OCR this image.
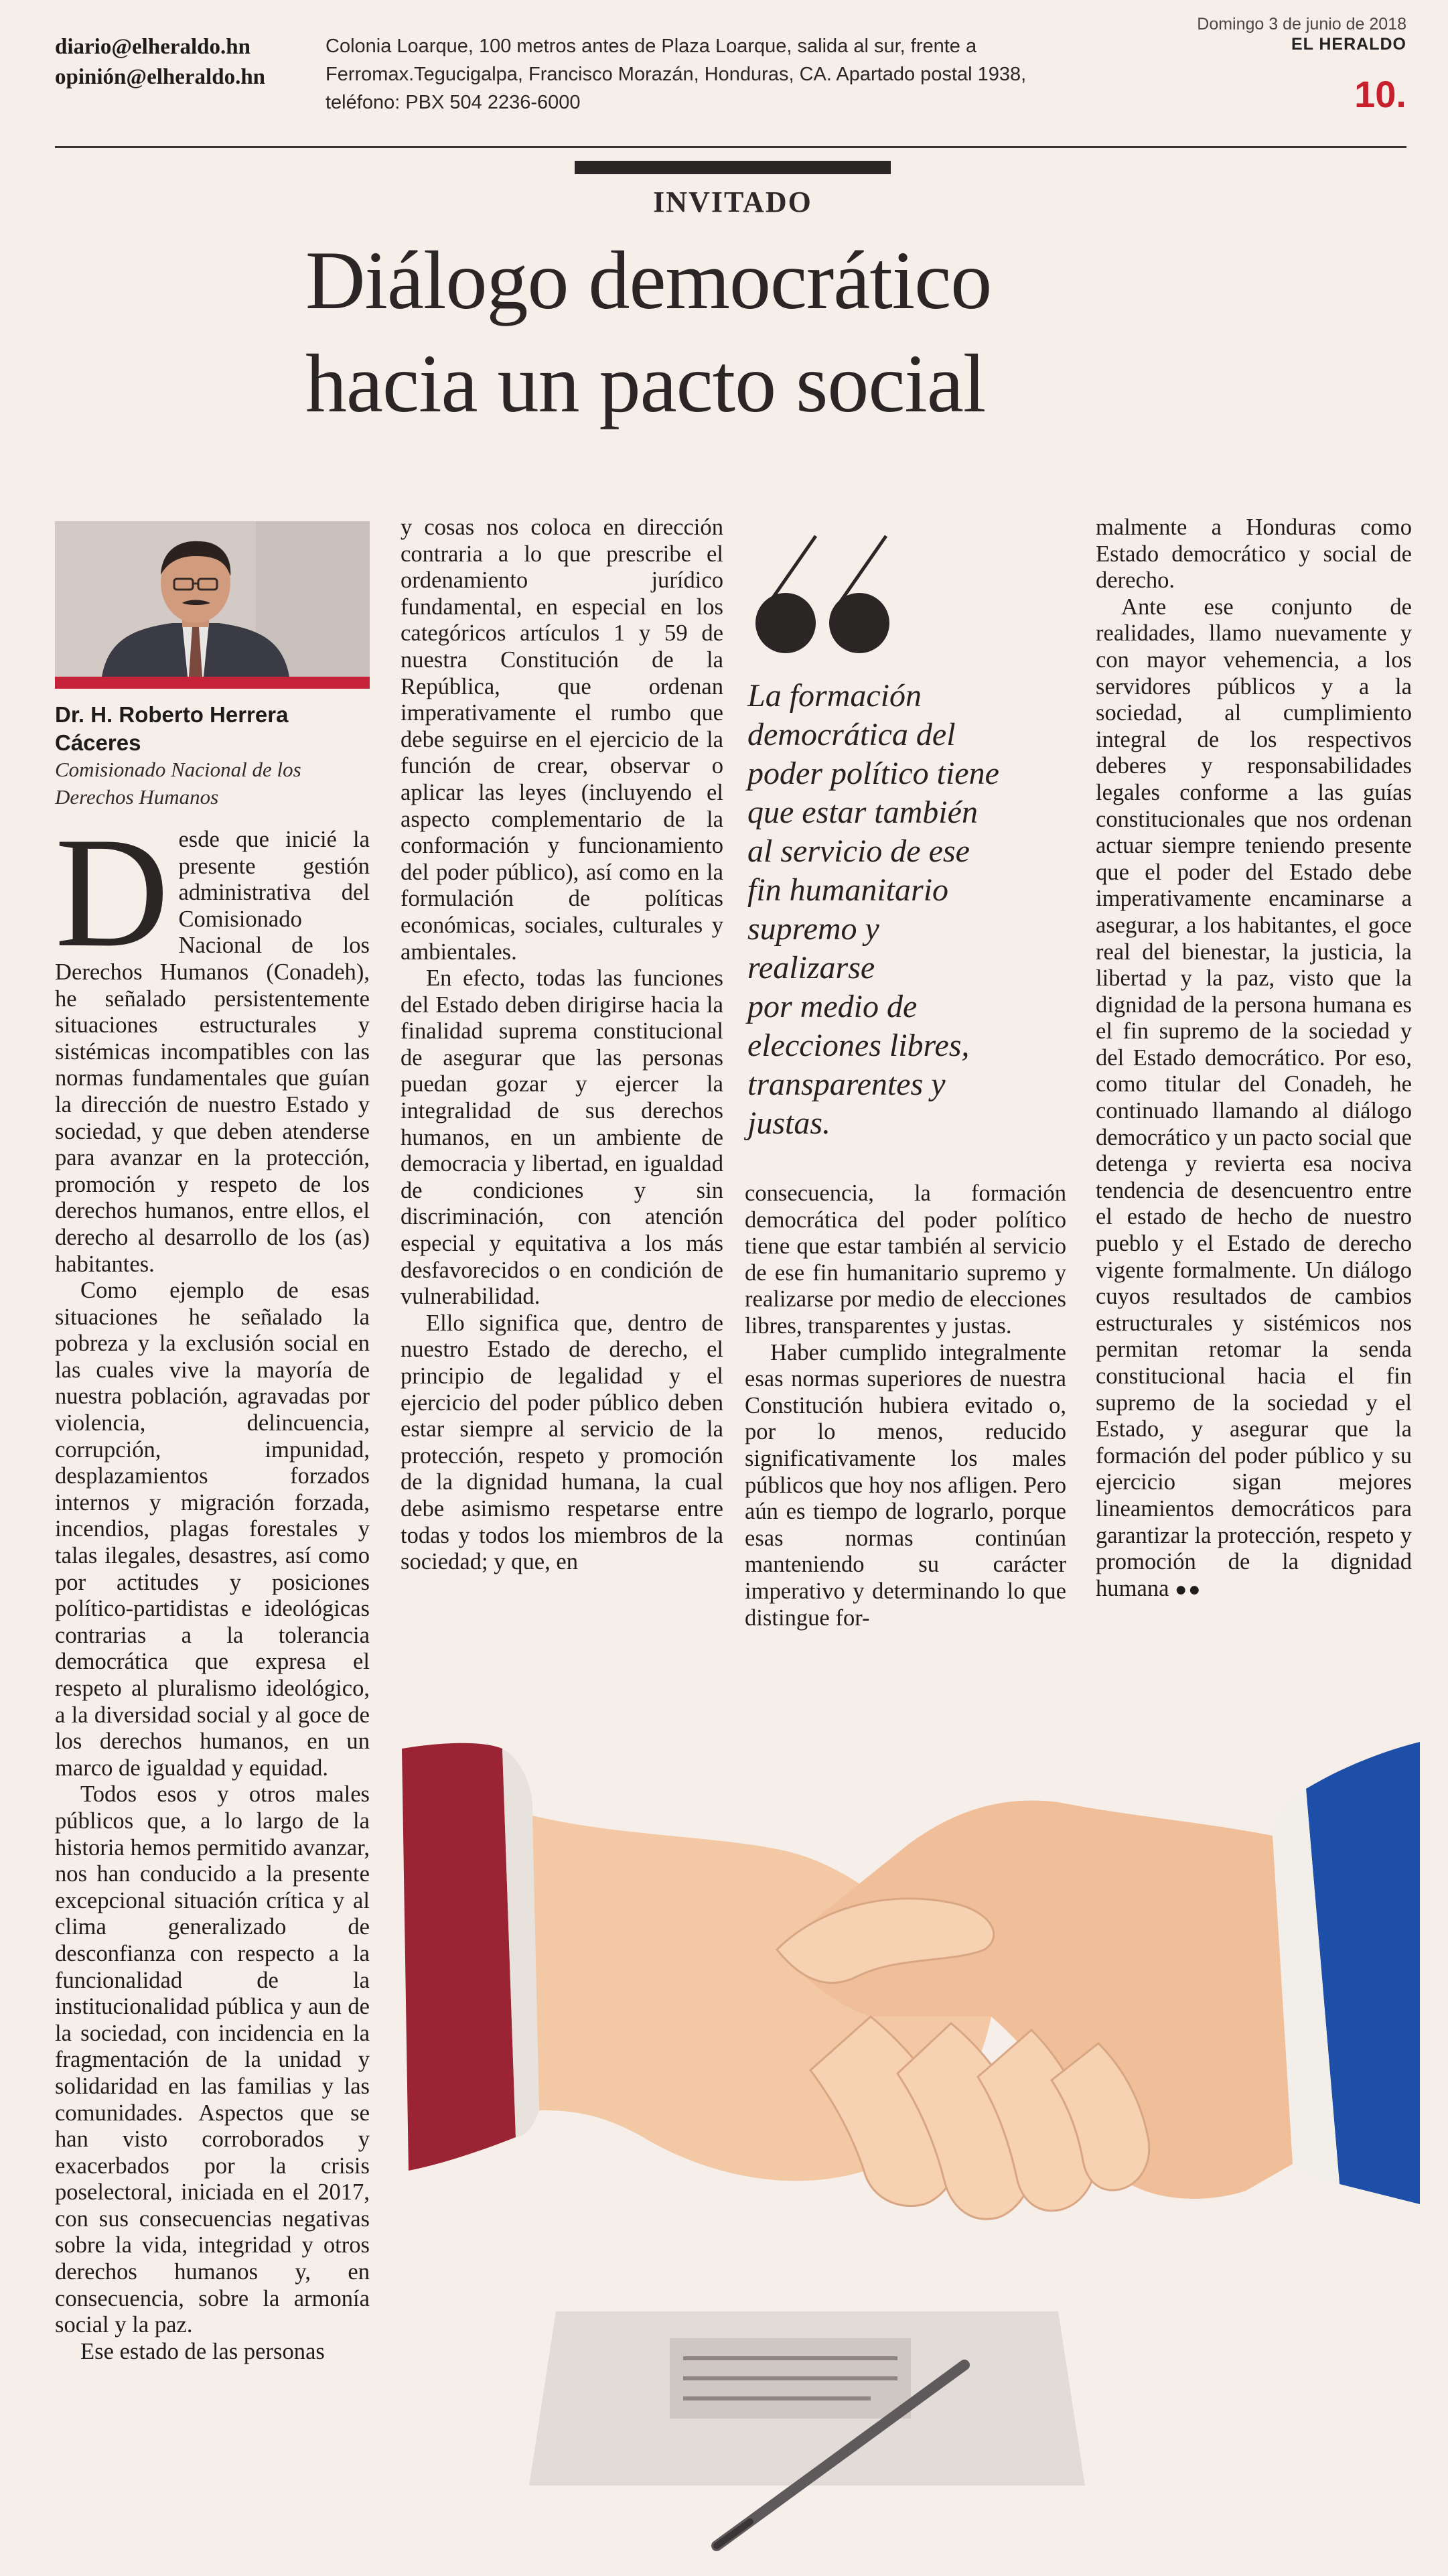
diario@elheraldo.hn
opinión@elheraldo.hn
Colonia Loarque, 100 metros antes de Plaza Loarque, salida al sur, frente a
Ferromax.Tegucigalpa, Francisco Morazán, Honduras, CA. Apartado postal 1938,
teléfono: PBX 504 2236-6000
Domingo 3 de junio de 2018
EL HERALDO
10.
INVITADO
Diálogo democrático
hacia un pacto social
Dr. H. Roberto Herrera
Cáceres
Comisionado Nacional de los
Derechos Humanos

Desde que inicié la presente gestión administrativa del Comisionado Nacional de los Derechos Humanos (Conadeh), he señalado persistentemente situaciones estructurales y sistémicas incompatibles con las normas fundamentales que guían la dirección de nuestro Estado y sociedad, y que deben atenderse para avanzar en la protección, promoción y respeto de los derechos humanos, entre ellos, el derecho al desarrollo de los (as) habitantes.

Como ejemplo de esas situaciones he señalado la pobreza y la exclusión social en las cuales vive la mayoría de nuestra población, agravadas por violencia, delincuencia, corrupción, impunidad, desplazamientos forzados internos y migración forzada, incendios, plagas forestales y talas ilegales, desastres, así como por actitudes y posiciones político-partidistas e ideológicas contrarias a la tolerancia democrática que expresa el respeto al pluralismo ideológico, a la diversidad social y al goce de los derechos humanos, en un marco de igualdad y equidad.

Todos esos y otros males públicos que, a lo largo de la historia hemos permitido avanzar, nos han conducido a la presente excepcional situación crítica y al clima generalizado de desconfianza con respecto a la funcionalidad de la institucionalidad pública y aun de la sociedad, con incidencia en la fragmentación de la unidad y solidaridad en las familias y las comunidades. Aspectos que se han visto corroborados y exacerbados por la crisis poselectoral, iniciada en el 2017, con sus consecuencias negativas sobre la vida, integridad y otros derechos humanos y, en consecuencia, sobre la armonía social y la paz.

Ese estado de las personas

y cosas nos coloca en dirección contraria a lo que prescribe el ordenamiento jurídico fundamental, en especial en los categóricos artículos 1 y 59 de nuestra Constitución de la República, que ordenan imperativamente el rumbo que debe seguirse en el ejercicio de la función de crear, observar o aplicar las leyes (incluyendo el aspecto complementario de la conformación y funcionamiento del poder público), así como en la formulación de políticas económicas, sociales, culturales y ambientales.

En efecto, todas las funciones del Estado deben dirigirse hacia la finalidad suprema constitucional de asegurar que las personas puedan gozar y ejercer la integralidad de sus derechos humanos, en un ambiente de democracia y libertad, en igualdad de condiciones y sin discriminación, con atención especial y equitativa a los más desfavorecidos o en condición de vulnerabilidad.

Ello significa que, dentro de nuestro Estado de derecho, el principio de legalidad y el ejercicio del poder público deben estar siempre al servicio de la protección, respeto y promoción de la dignidad humana, la cual debe asimismo respetarse entre todas y todos los miembros de la sociedad; y que, en

La formación
democrática del
poder político tiene
que estar también
al servicio de ese
fin humanitario
supremo y
realizarse
por medio de
elecciones libres,
transparentes y
justas.

consecuencia, la formación democrática del poder político tiene que estar también al servicio de ese fin humanitario supremo y realizarse por medio de elecciones libres, transparentes y justas.

Haber cumplido integralmente esas normas superiores de nuestra Constitución hubiera evitado o, por lo menos, reducido significativamente los males públicos que hoy nos afligen. Pero aún es tiempo de lograrlo, porque esas normas continúan manteniendo su carácter imperativo y determinando lo que distingue for-

malmente a Honduras como Estado democrático y social de derecho.

Ante ese conjunto de realidades, llamo nuevamente y con mayor vehemencia, a los servidores públicos y a la sociedad, al cumplimiento integral de los respectivos deberes y responsabilidades legales conforme a las guías constitucionales que nos ordenan actuar siempre teniendo presente que el poder del Estado debe imperativamente encaminarse a asegurar, a los habitantes, el goce real del bienestar, la justicia, la libertad y la paz, visto que la dignidad de la persona humana es el fin supremo de la sociedad y del Estado democrático. Por eso, como titular del Conadeh, he continuado llamando al diálogo democrático y un pacto social que detenga y revierta esa nociva tendencia de desencuentro entre el estado de hecho de nuestro pueblo y el Estado de derecho vigente formalmente. Un diálogo cuyos resultados de cambios estructurales y sistémicos nos permitan retomar la senda constitucional hacia el fin supremo de la sociedad y el Estado, y asegurar que la formación del poder público y su ejercicio sigan mejores lineamientos democráticos para garantizar la protección, respeto y promoción de la dignidad humana ●●
